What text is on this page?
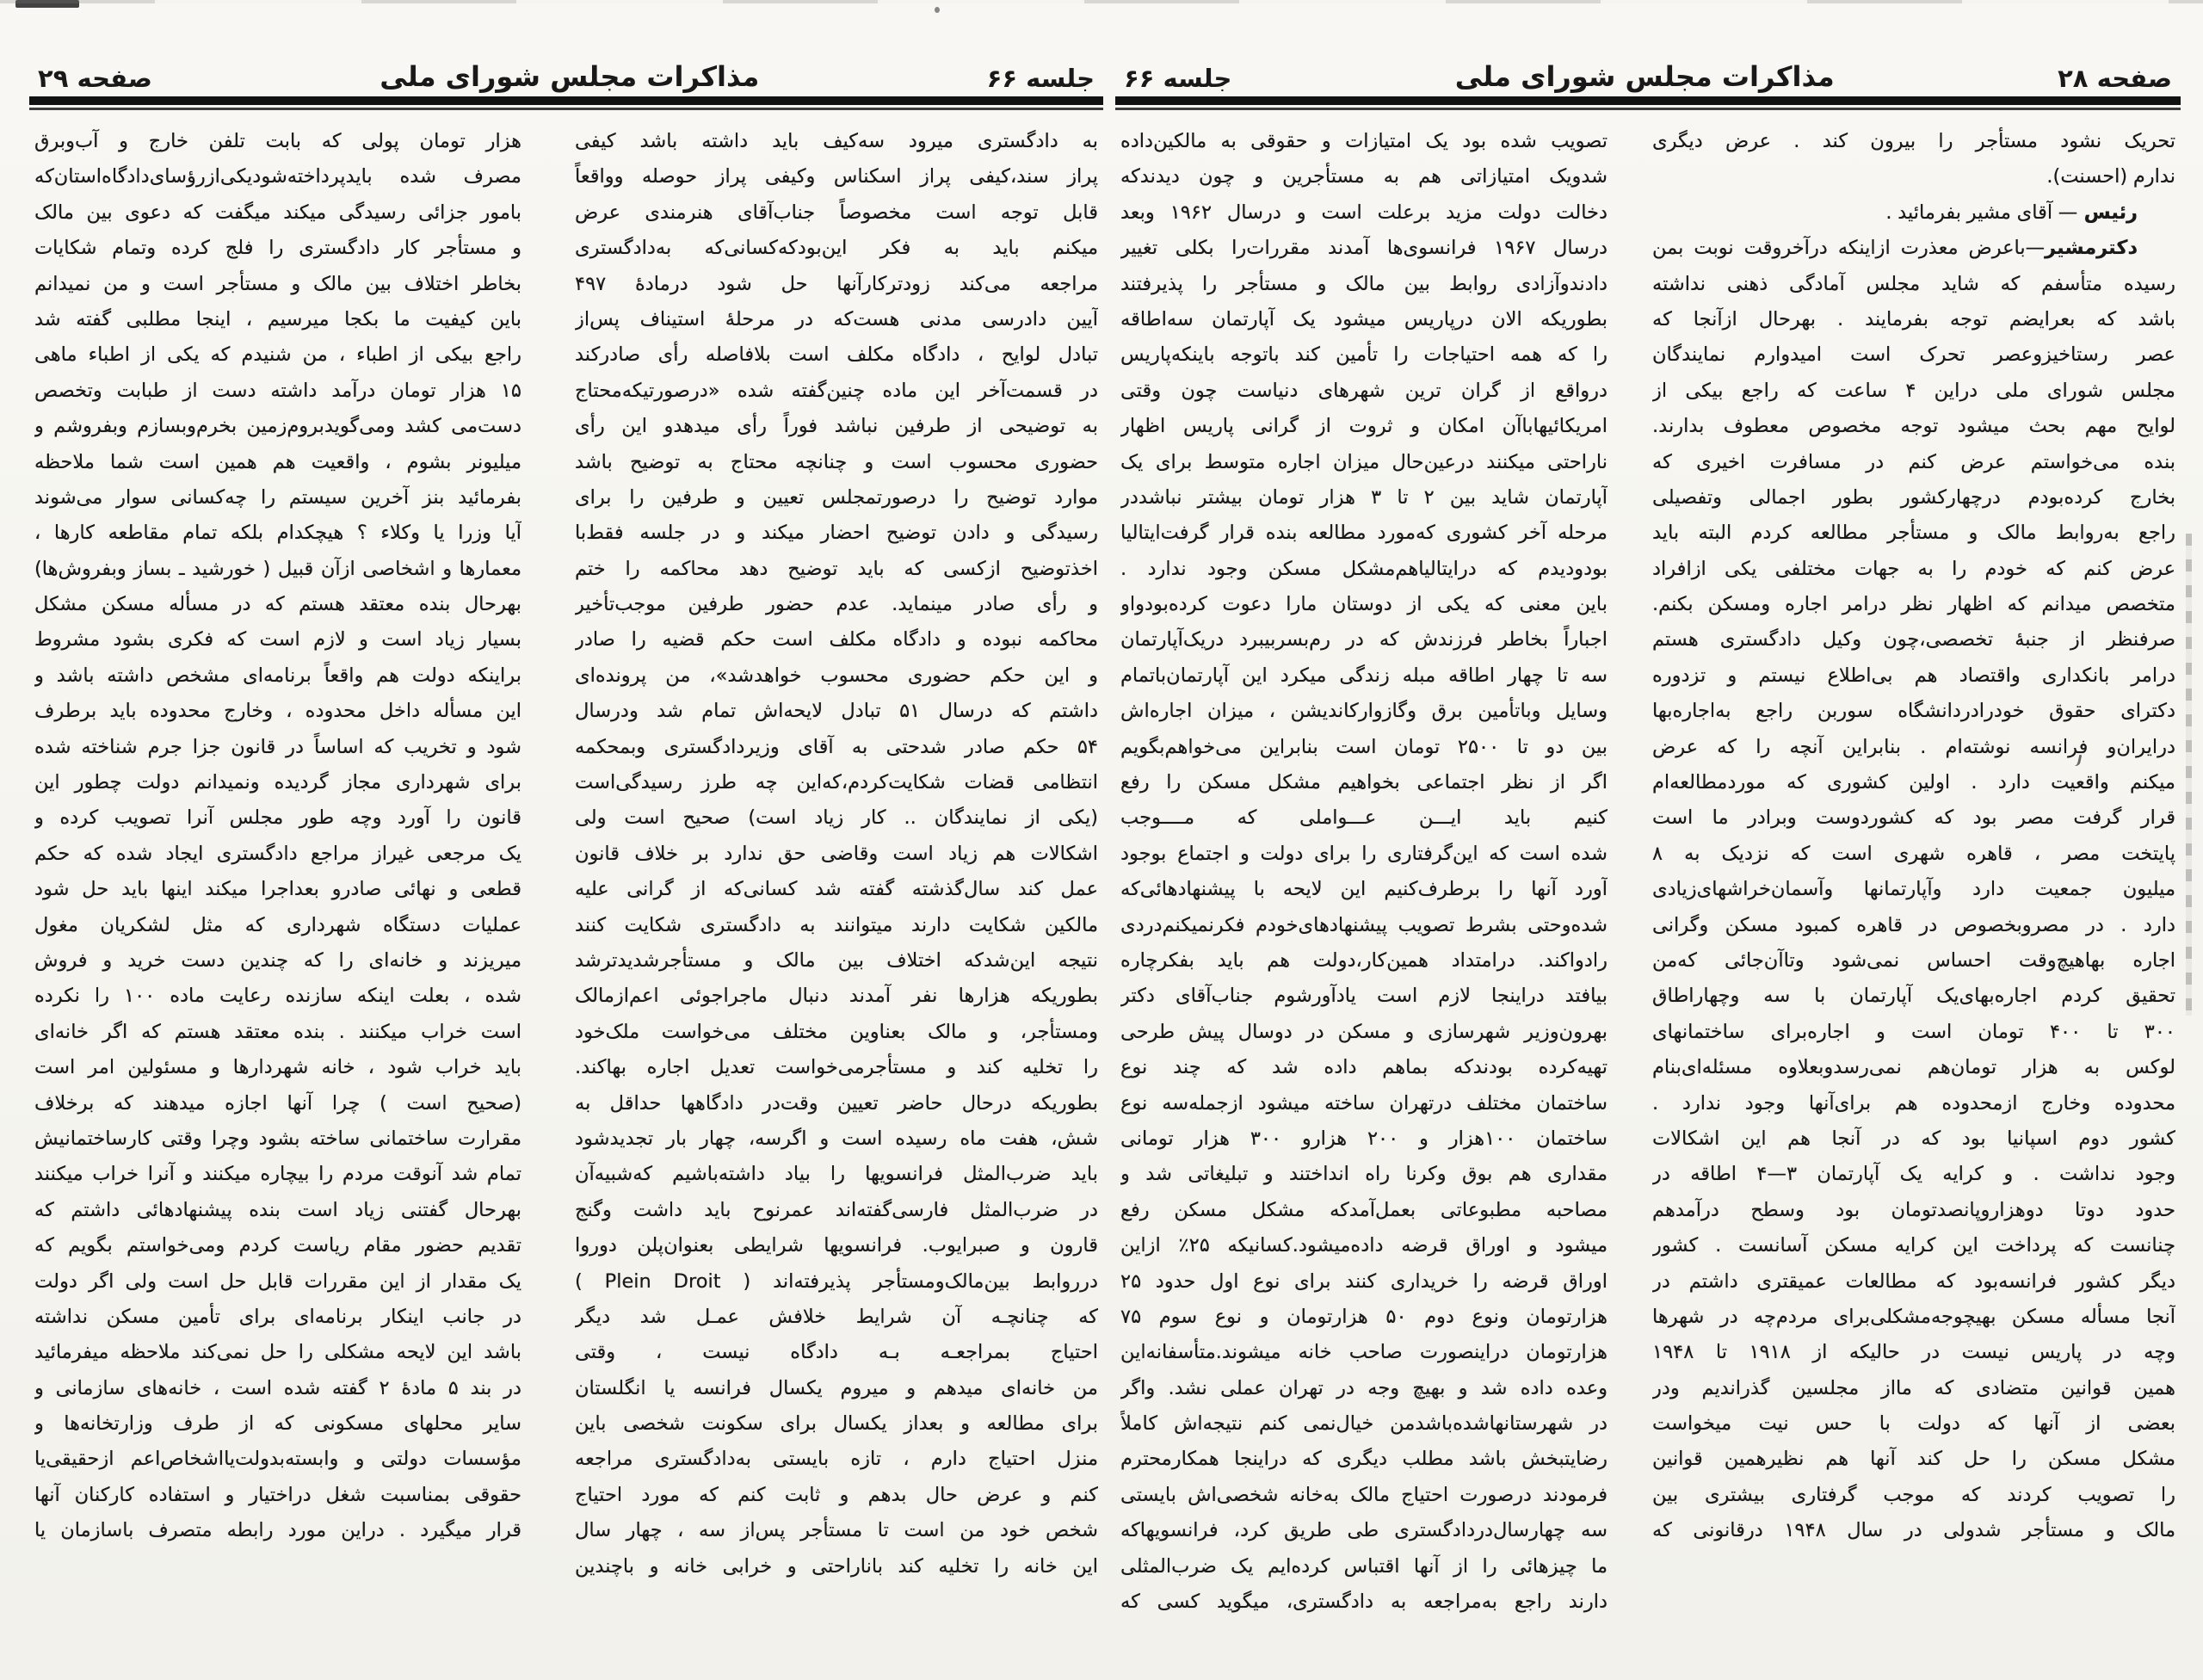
جلسه ۶۶
مذاکرات مجلس شورای ملی
صفحه ۲۹
به دادگستری میرود سه‌کیف باید داشته باشد کیفی
پراز سند،کیفی پراز اسکناس وکیفی پراز حوصله وواقعاً
قابل توجه است مخصوصاً جناب‌آقای هنرمندی عرض
میکنم باید به فکر این‌بودکه‌کسانی‌که به‌دادگستری
مراجعه می‌کند زودترکارآنها حل شود درمادهٔ ۴۹۷
آیین دادرسی مدنی هست‌که در مرحلهٔ استیناف پس‌از
تبادل لوایح ، دادگاه مکلف است بلافاصله رأی صادرکند
در قسمت‌آخر این ماده چنین‌گفته شده «درصورتیکه‌محتاج
به توضیحی از طرفین نباشد فوراً رأی میدهدو این رأی
حضوری محسوب است و چنانچه محتاج به توضیح باشد
موارد توضیح را درصورتمجلس تعیین و طرفین را برای
رسیدگی و دادن توضیح احضار میکند و در جلسه فقط‌با
اخذتوضیح ازکسی که باید توضیح دهد محاکمه را ختم
و رأی صادر مینماید. عدم حضور طرفین موجب‌تأخیر
محاکمه نبوده و دادگاه مکلف است حکم قضیه را صادر
و این حکم حضوری محسوب خواهدشد»، من پرونده‌ای
داشتم که درسال ۵۱ تبادل لایحه‌اش تمام شد ودرسال
۵۴ حکم صادر شدحتی به آقای وزیردادگستری وبمحکمه
انتظامی قضات شکایت‌کردم،که‌این چه طرز رسیدگی‌است
(یکی از نمایندگان .. کار زیاد است) صحیح است ولی
اشکالات هم زیاد است وقاضی حق ندارد بر خلاف قانون
عمل کند سال‌گذشته گفته شد کسانی‌که از گرانی علیه
مالکین شکایت دارند میتوانند به دادگستری شکایت کنند
نتیجه این‌شدکه اختلاف بین مالک و مستأجرشدیدترشد
بطوریکه هزارها نفر آمدند دنبال ماجراجوئی اعم‌ازمالک
ومستأجر، و مالک بعناوین مختلف می‌خواست ملک‌خود
را تخلیه کند و مستأجرمی‌خواست تعدیل اجاره بهاکند.
بطوریکه درحال حاضر تعیین وقت‌در دادگاهها حداقل به
شش، هفت ماه رسیده است و اگرسه، چهار بار تجدیدشود
باید ضرب‌المثل فرانسویها را بیاد داشته‌باشیم که‌شبیه‌آن
در ضرب‌المثل فارسی‌گفته‌اند عمرنوح باید داشت وگنج
قارون و صبرایوب. فرانسویها شرایطی بعنوان‌پلن دوروا
درروابط بین‌مالک‌ومستأجر پذیرفته‌اند ( Plein Droit )
که چنانچـه آن شرایط خلافش عمـل شد دیگر
احتیاج بمراجعـه بـه دادگاه نیست ، وقتی
من خانه‌ای میدهم و میروم یکسال فرانسه یا انگلستان
برای مطالعه و بعداز یکسال برای سکونت شخصی باین
منزل احتیاج دارم ، تازه بایستی به‌دادگستری مراجعه
کنم و عرض حال بدهم و ثابت کنم که مورد احتیاج
شخص خود من است تا مستأجر پس‌از سه ، چهار سال
این خانه را تخلیه کند باناراحتی و خرابی خانه و باچندین
هزار تومان پولی که بابت تلفن خارج و آب‌وبرق
مصرف شده بایدپرداخته‌شودیکی‌ازرؤسای‌دادگاه‌استان‌که
بامور جزائی رسیدگی میکند میگفت که دعوی بین مالک
و مستأجر کار دادگستری را فلج کرده وتمام شکایات
بخاطر اختلاف بین مالک و مستأجر است و من نمیدانم
باین کیفیت ما بکجا میرسیم ، اینجا مطلبی گفته شد
راجع بیکی از اطباء ، من شنیدم که یکی از اطباء ماهی
۱۵ هزار تومان درآمد داشته دست از طبابت وتخصص
دست‌می کشد ومی‌گویدبروم‌زمین بخرم‌وبسازم وبفروشم و
میلیونر بشوم ، واقعیت هم همین است شما ملاحظه
بفرمائید بنز آخرین سیستم را چه‌کسانی سوار می‌شوند
آیا وزرا یا وکلاء ؟ هیچکدام بلکه تمام مقاطعه کارها ،
معمارها و اشخاصی ازآن قبیل ( خورشید ـ بساز وبفروش‌ها)
بهرحال بنده معتقد هستم که در مسأله مسکن مشکل
بسیار زیاد است و لازم است که فکری بشود مشروط
براینکه دولت هم واقعاً برنامه‌ای مشخص داشته باشد و
این مسأله داخل محدوده ، وخارج محدوده باید برطرف
شود و تخریب که اساساً در قانون جزا جرم شناخته شده
برای شهرداری مجاز گردیده ونمیدانم دولت چطور این
قانون را آورد وچه طور مجلس آنرا تصویب کرده و
یک مرجعی غیراز مراجع دادگستری ایجاد شده که حکم
قطعی و نهائی صادرو بعداجرا میکند اینها باید حل شود
عملیات دستگاه شهرداری که مثل لشکریان مغول
میریزند و خانه‌ای را که چندین دست خرید و فروش
شده ، بعلت اینکه سازنده رعایت ماده ۱۰۰ را نکرده
است خراب میکنند . بنده معتقد هستم که اگر خانه‌ای
باید خراب شود ، خانه شهردارها و مسئولین امر است
(صحیح است ) چرا آنها اجازه میدهند که برخلاف
مقرارت ساختمانی ساخته بشود وچرا وقتی کارساختمانیش
تمام شد آنوقت مردم را بیچاره میکنند و آنرا خراب میکنند
بهرحال گفتنی زیاد است بنده پیشنهادهائی داشتم که
تقدیم حضور مقام ریاست کردم ومی‌خواستم بگویم که
یک مقدار از این مقررات قابل حل است ولی اگر دولت
در جانب اینکار برنامه‌ای برای تأمین مسکن نداشته
باشد این لایحه مشکلی را حل نمی‌کند ملاحظه میفرمائید
در بند ۵ مادهٔ ۲ گفته شده است ، خانه‌های سازمانی و
سایر محلهای مسکونی که از طرف وزارتخانه‌ها و
مؤسسات دولتی و وابسته‌بدولت‌یااشخاص‌اعم ازحقیقی‌یا
حقوقی بمناسبت شغل دراختیار و استفاده کارکنان آنها
قرار میگیرد . دراین مورد رابطه متصرف باسازمان یا
صفحه ۲۸
مذاکرات مجلس شورای ملی
جلسه ۶۶
تحریک نشود مستأجر را بیرون کند . عرض دیگری
ندارم (احسنت).
رئیس — آقای مشیر بفرمائید .
دکترمشیر—باعرض معذرت ازاینکه درآخروقت نوبت بمن
رسیده متأسفم که شاید مجلس آمادگی ذهنی نداشته
باشد که بعرایضم توجه بفرمایند . بهرحال ازآنجا که
عصر رستاخیزوعصر تحرک است امیدوارم نمایندگان
مجلس شورای ملی دراین ۴ ساعت که راجع بیکی از
لوایح مهم بحث میشود توجه مخصوص معطوف بدارند.
بنده می‌خواستم عرض کنم در مسافرت اخیری که
بخارج کرده‌بودم درچهارکشور بطور اجمالی وتفصیلی
راجع به‌روابط مالک و مستأجر مطالعه کردم البته باید
عرض کنم که خودم را به جهات مختلفی یکی ازافراد
متخصص میدانم که اظهار نظر درامر اجاره ومسکن بکنم.
صرفنظر از جنبهٔ تخصصی،چون وکیل دادگستری هستم
درامر بانکداری واقتصاد هم بی‌اطلاع نیستم و تزدوره
دکترای حقوق خودرادردانشگاه سوربن راجع به‌اجاره‌بها
درایران‌و فرانسه نوشته‌ام . بنابراین آنچه را که عرض
میکنم واقعیت دارد . اولین کشوری که موردمطالعه‌ام
قرار گرفت مصر بود که کشوردوست وبرادر ما است
پایتخت مصر ، قاهره شهری است که نزدیک به ۸
میلیون جمعیت دارد وآپارتمانها وآسمان‌خراشهای‌زیادی
دارد . در مصروبخصوص در قاهره کمبود مسکن وگرانی
اجاره بهاهیچ‌وقت احساس نمی‌شود وتاآن‌جائی که‌من
تحقیق کردم اجاره‌بهای‌یک آپارتمان با سه وچهاراطاق
۳۰۰ تا ۴۰۰ تومان است و اجاره‌برای ساختمانهای
لوکس به هزار تومان‌هم نمی‌رسدوبعلاوه مسئله‌ای‌بنام
محدوده وخارج ازمحدوده هم برای‌آنها وجود ندارد .
کشور دوم اسپانیا بود که در آنجا هم این اشکالات
وجود نداشت . و کرایه یک آپارتمان ۳—۴ اطاقه در
حدود دوتا دوهزاروپانصدتومان بود وسطح درآمدهم
چنانست که پرداخت این کرایه مسکن آسانست . کشور
دیگر کشور فرانسه‌بود که مطالعات عمیقتری داشتم در
آنجا مسأله مسکن بهیچوجه‌مشکلی‌برای مردم‌چه در شهرها
وچه در پاریس نیست در حالیکه از ۱۹۱۸ تا ۱۹۴۸
همین قوانین متضادی که مااز مجلسین گذراندیم ودر
بعضی از آنها که دولت با حس نیت میخواست
مشکل مسکن را حل کند آنها هم نظیرهمین قوانین
را تصویب کردند که موجب گرفتاری بیشتری بین
مالک و مستأجر شدولی در سال ۱۹۴۸ درقانونی که
تصویب شده بود یک امتیازات و حقوقی به مالکین‌داده
شدویک امتیازاتی هم به مستأجرین و چون دیدندکه
دخالت دولت مزید برعلت است و درسال ۱۹۶۲ وبعد
درسال ۱۹۶۷ فرانسوی‌ها آمدند مقررات‌را بکلی تغییر
دادندوآزادی روابط بین مالک و مستأجر را پذیرفتند
بطوریکه الان درپاریس میشود یک آپارتمان سه‌اطاقه
را که همه احتیاجات را تأمین کند باتوجه باینکه‌پاریس
درواقع از گران ترین شهرهای دنیاست چون وقتی
امریکائیهاباآن امکان و ثروت از گرانی پاریس اظهار
ناراحتی میکنند درعین‌حال میزان اجاره متوسط برای یک
آپارتمان شاید بین ۲ تا ۳ هزار تومان بیشتر نباشددر
مرحله آخر کشوری که‌مورد مطالعه بنده قرار گرفت‌ایتالیا
بودودیدم که درایتالیاهم‌مشکل مسکن وجود ندارد .
باین معنی که یکی از دوستان مارا دعوت کرده‌بودواو
اجباراً بخاطر فرزندش که در رم‌بسربیبرد دریک‌آپارتمان
سه تا چهار اطاقه مبله زندگی میکرد این آپارتمان‌باتمام
وسایل وباتأمین برق وگازوارکاندیشن ، میزان اجاره‌اش
بین دو تا ۲۵۰۰ تومان است بنابراین می‌خواهم‌بگویم
اگر از نظر اجتماعی بخواهیم مشکل مسکن را رفع
کنیم باید ایـــن عـــواملی که مــــوجب
شده است که این‌گرفتاری را برای دولت و اجتماع بوجود
آورد آنها را برطرف‌کنیم این لایحه با پیشنهادهائی‌که
شده‌وحتی بشرط تصویب پیشنهادهای‌خودم فکرنمیکنم‌دردی
رادواکند. درامتداد همین‌کار،دولت هم باید بفکرچاره
بیافتد دراینجا لازم است یادآورشوم جناب‌آقای دکتر
بهرون‌وزیر شهرسازی و مسکن در دوسال پیش طرحی
تهیه‌کرده بودندکه بماهم داده شد که چند نوع
ساختمان مختلف درتهران ساخته میشود ازجمله‌سه نوع
ساختمان ۱۰۰هزار و ۲۰۰ هزارو ۳۰۰ هزار تومانی
مقداری هم بوق وکرنا راه انداختند و تبلیغاتی شد و
مصاحبه مطبوعاتی بعمل‌آمدکه مشکل مسکن رفع
میشود و اوراق قرضه داده‌میشود.کسانیکه ۲۵٪ ازاین
اوراق قرضه را خریداری کنند برای نوع اول حدود ۲۵
هزارتومان ونوع دوم ۵۰ هزارتومان و نوع سوم ۷۵
هزارتومان دراینصورت صاحب خانه میشوند.متأسفانه‌این
وعده داده شد و بهیچ وجه در تهران عملی نشد. واگر
در شهرستانهاشده‌باشدمن خیال‌نمی کنم نتیجه‌اش کاملاً
رضایتبخش باشد مطلب دیگری که دراینجا همکارمحترم
فرمودند درصورت احتیاج مالک به‌خانه شخصی‌اش بایستی
سه چهارسال‌دردادگستری طی طریق کرد، فرانسویهاکه
ما چیزهائی را از آنها اقتباس کرده‌ایم یک ضرب‌المثلی
دارند راجع به‌مراجعه به دادگستری، میگوید کسی که
